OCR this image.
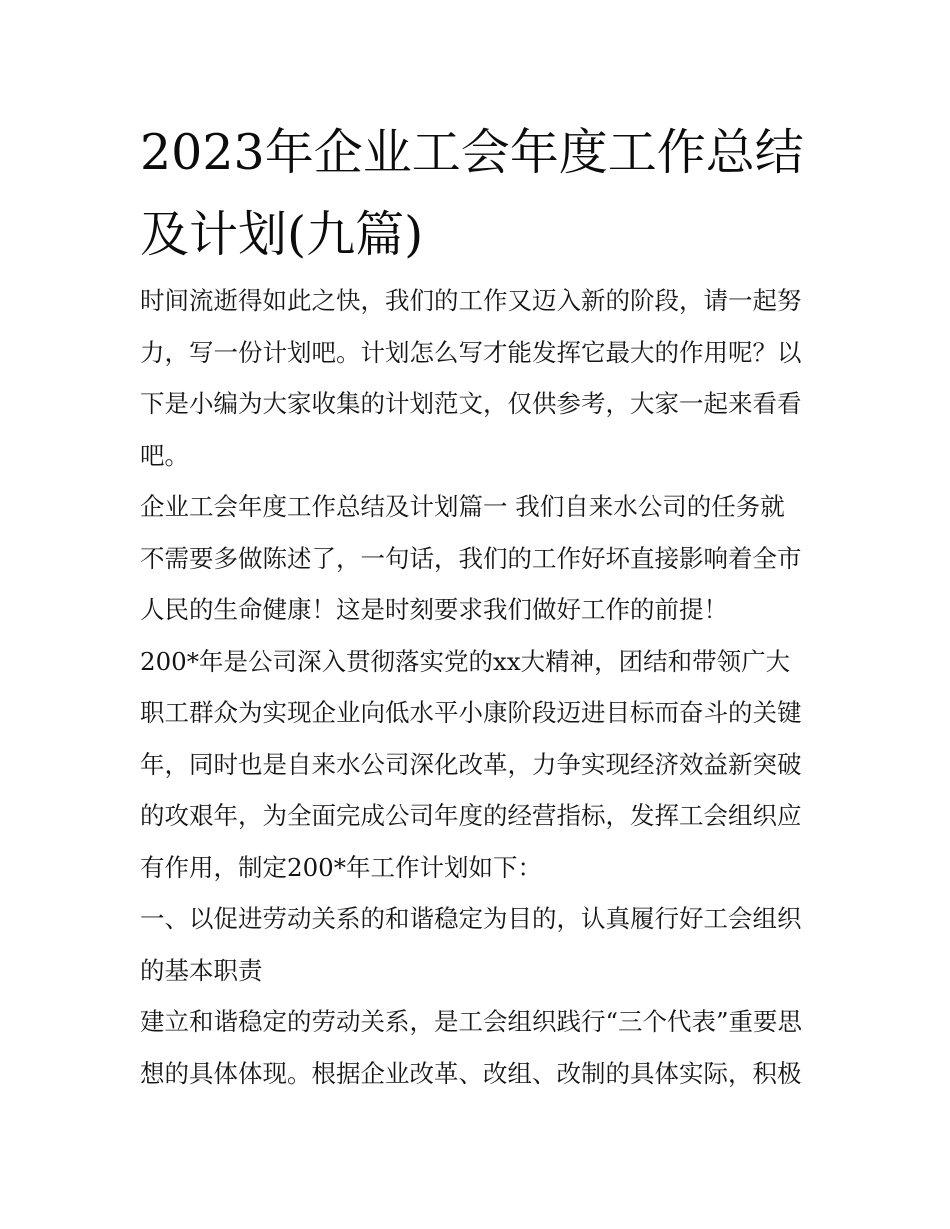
2023年企业工会年度工作总结
及计划(九篇)
时间流逝得如此之快，我们的工作又迈入新的阶段，请一起努
力，写一份计划吧。计划怎么写才能发挥它最大的作用呢？以
下是小编为大家收集的计划范文，仅供参考，大家一起来看看
吧。
企业工会年度工作总结及计划篇一 我们自来水公司的任务就
不需要多做陈述了，一句话，我们的工作好坏直接影响着全市
人民的生命健康！这是时刻要求我们做好工作的前提！
200*年是公司深入贯彻落实党的xx大精神，团结和带领广大
职工群众为实现企业向低水平小康阶段迈进目标而奋斗的关键
年，同时也是自来水公司深化改革，力争实现经济效益新突破
的攻艰年，为全面完成公司年度的经营指标，发挥工会组织应
有作用，制定200*年工作计划如下：
一、以促进劳动关系的和谐稳定为目的，认真履行好工会组织
的基本职责
建立和谐稳定的劳动关系，是工会组织践行“三个代表”重要思
想的具体体现。根据企业改革、改组、改制的具体实际，积极
